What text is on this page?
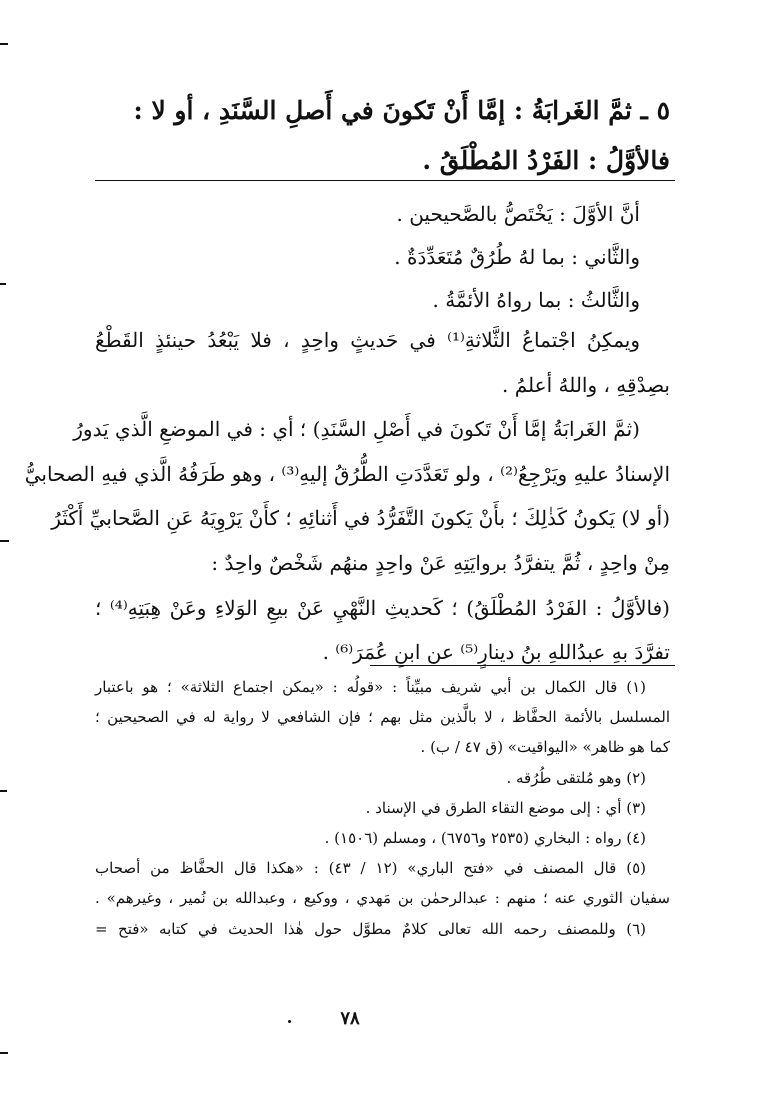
٥ ـ ثمَّ الغَرابَةُ : إمَّا أَنْ تَكونَ في أَصلِ السَّنَدِ ، أو لا :
فالأوَّلُ : الفَرْدُ المُطْلَقُ .
أنَّ الأوَّلَ : يَخْتَصُّ بالصَّحيحين .
والثَّاني : بما لهُ طُرُقٌ مُتَعَدِّدَةٌ .
والثَّالثُ : بما رواهُ الأئمَّةُ .
ويمكِنُ اجْتماعُ الثَّلاثةِ⁽¹⁾ في حَديثٍ واحِدٍ ، فلا يَبْعُدُ حينئذٍ القَطْعُ
بصِدْقِهِ ، واللهُ أعلمُ .
(ثمَّ الغَرابَةُ إمَّا أَنْ تَكونَ في أَصْلِ السَّنَدِ) ؛ أي : في الموضعِ الَّذي يَدورُ
الإسنادُ عليهِ ويَرْجِعُ⁽²⁾ ، ولو تَعَدَّدَتِ الطُّرُقُ إليهِ⁽³⁾ ، وهو طَرَفُهُ الَّذي فيهِ الصحابيُّ
(أو لا) يَكونُ كَذٰلِكَ ؛ بأَنْ يَكونَ التَّفَرُّدُ في أَثنائِهِ ؛ كأَنْ يَرْوِيَهُ عَنِ الصَّحابيِّ أَكْثَرُ
مِنْ واحِدٍ ، ثُمَّ يتفرَّدُ بروايَتِهِ عَنْ واحِدٍ منهُم شَخْصٌ واحِدٌ :
(فالأوَّلُ : الفَرْدُ المُطْلَقُ) ؛ كَحديثِ النَّهْيِ عَنْ بيعِ الوَلاءِ وعَنْ هِبَتِهِ⁽⁴⁾ ؛
تفرَّدَ بهِ عبدُاللهِ بنُ دينارٍ⁽⁵⁾ عن ابنِ عُمَرَ⁽⁶⁾ .
(١) قال الكمال بن أبي شريف مبيِّناً : «قولُه : «يمكن اجتماع الثلاثة» ؛ هو باعتبار
المسلسل بالأئمة الحفَّاظ ، لا بالَّذين مثل بهم ؛ فإن الشافعي لا رواية له في الصحيحين ؛
كما هو ظاهر» «اليواقيت» (ق ٤٧ / ب) .
(٢) وهو مُلتقى طُرُقه .
(٣) أي : إلى موضع التقاء الطرق في الإسناد .
(٤) رواه : البخاري (٢٥٣٥ و٦٧٥٦) ، ومسلم (١٥٠٦) .
(٥) قال المصنف في «فتح الباري» (١٢ / ٤٣) : «هكذا قال الحفَّاظ من أصحاب
سفيان الثوري عنه ؛ منهم : عبدالرحمٰن بن مَهدي ، ووكيع ، وعبدالله بن نُمير ، وغيرهم» .
(٦) وللمصنف رحمه الله تعالى كلامٌ مطوَّل حول هٰذا الحديث في كتابه «فتح =
٧٨
